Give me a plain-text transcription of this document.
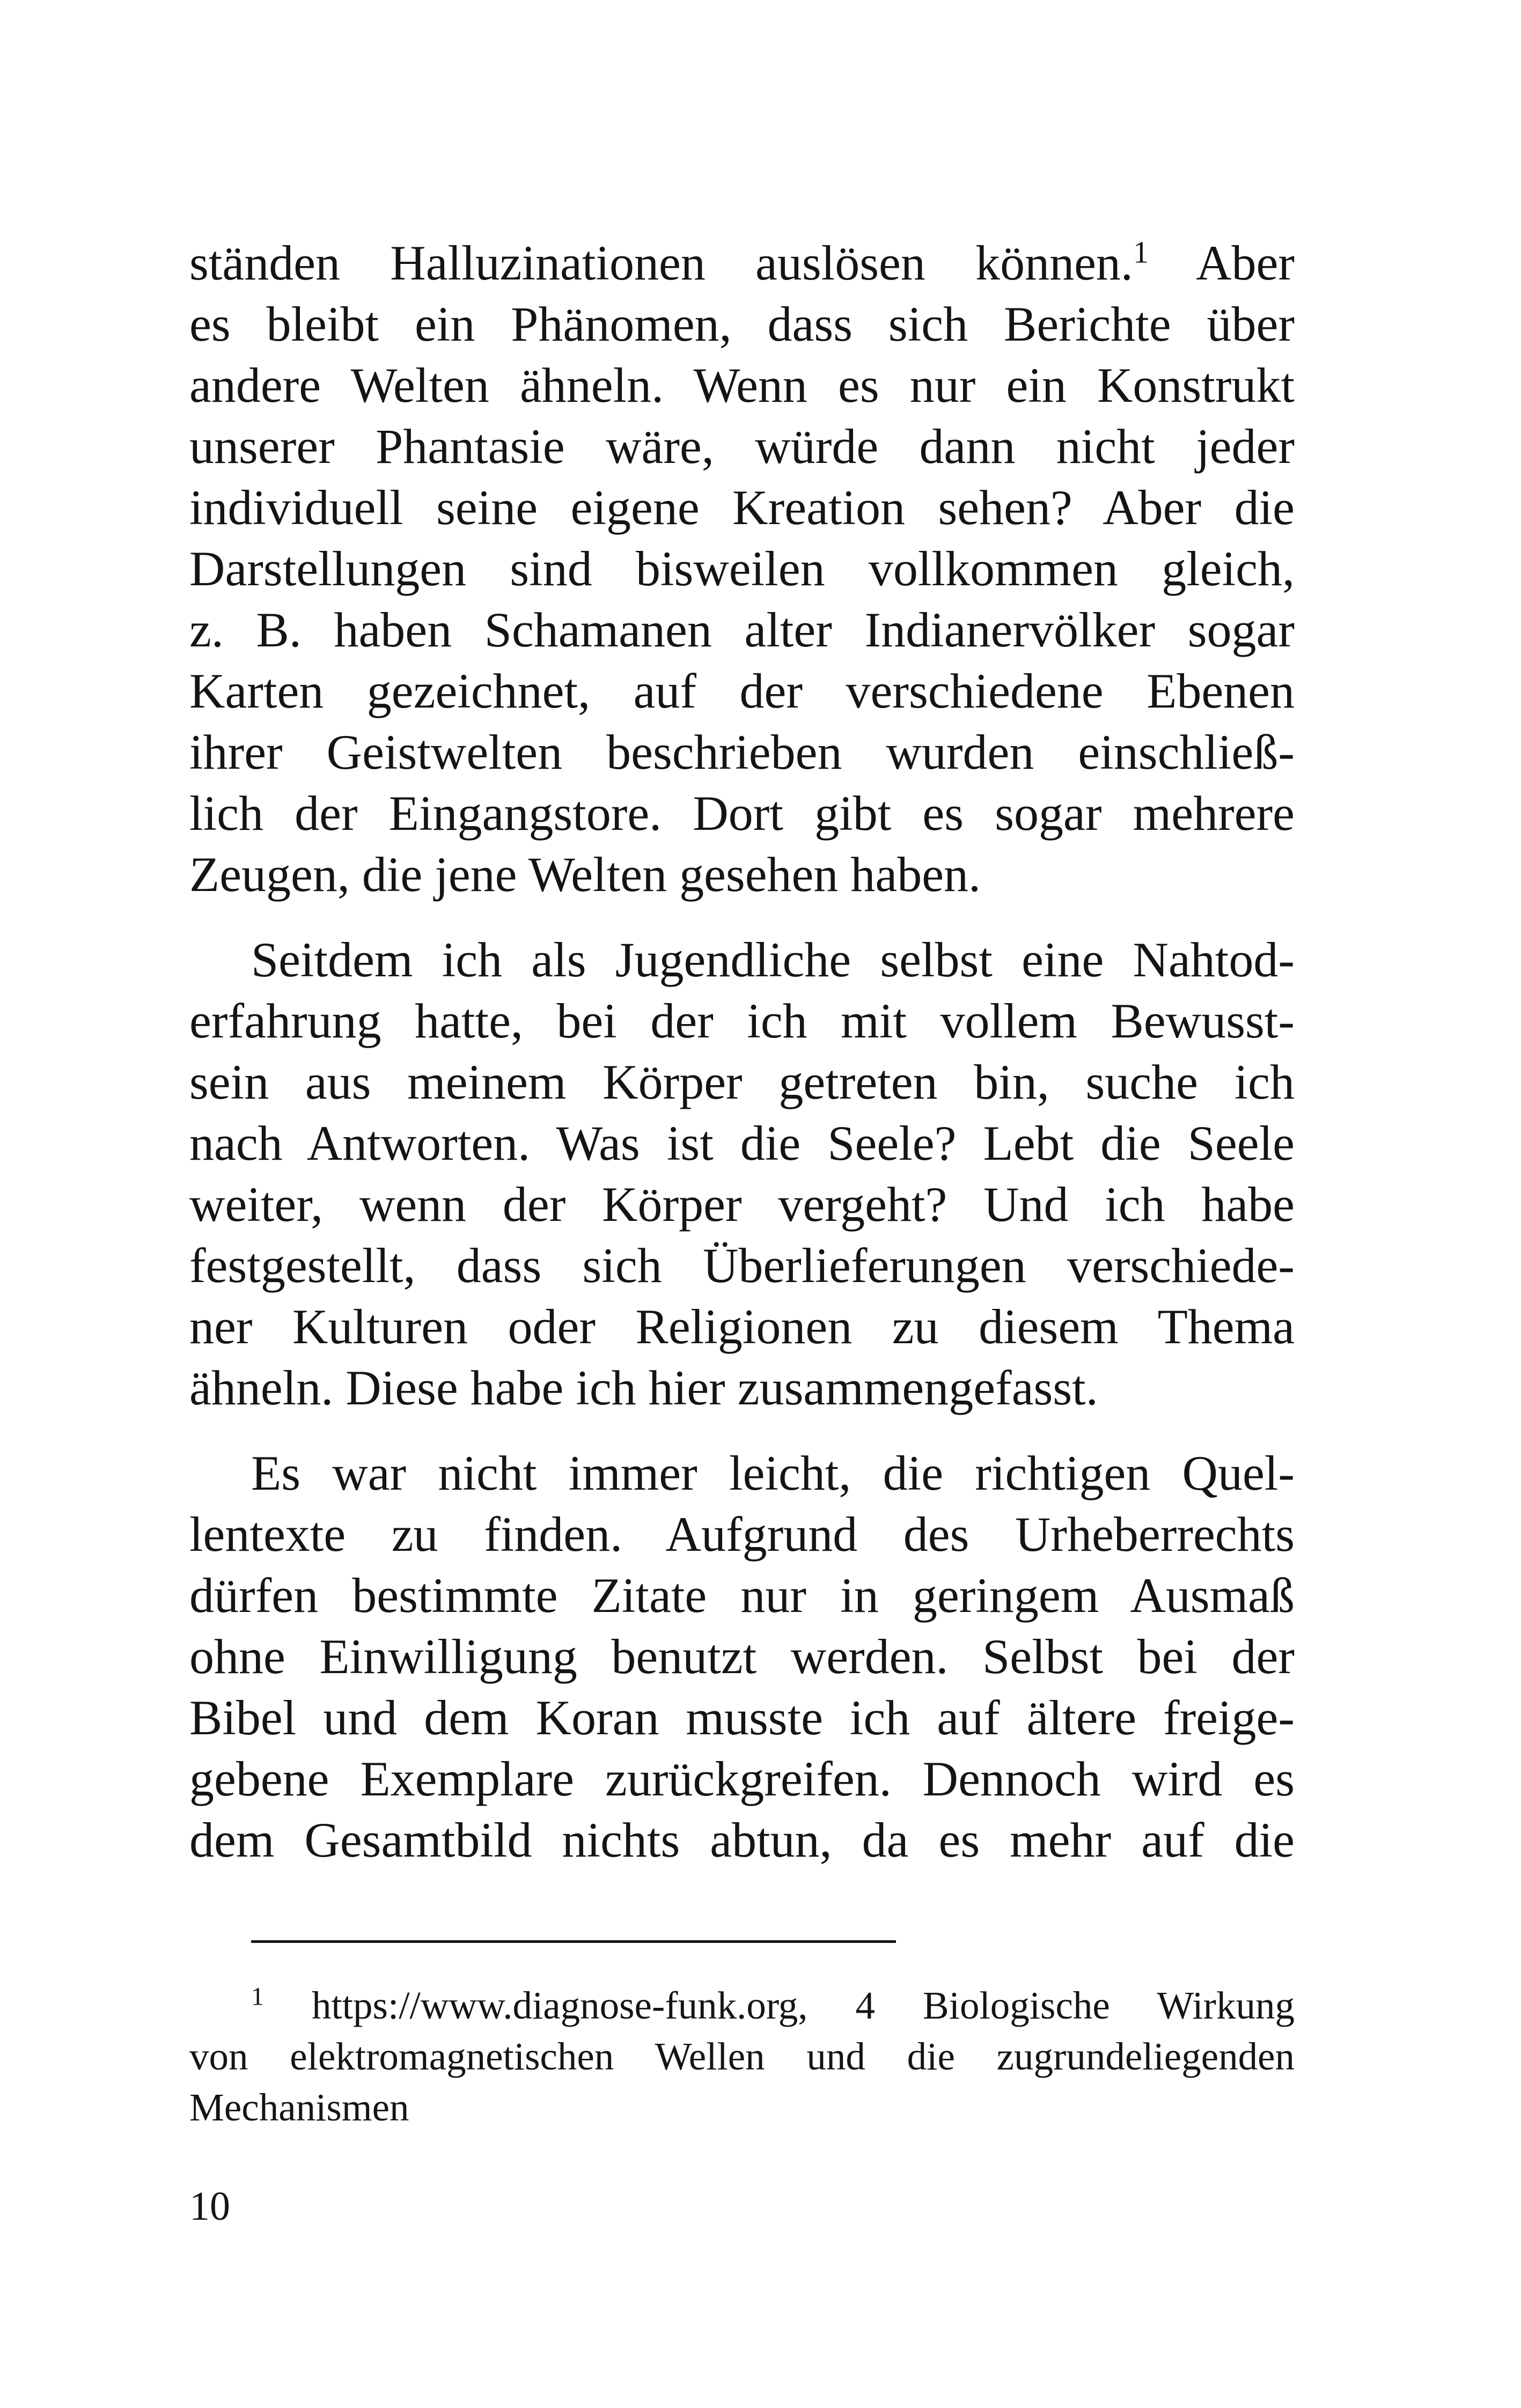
ständen Halluzinationen auslösen können.$^1$ Aber
es bleibt ein Phänomen, dass sich Berichte über
andere Welten ähneln. Wenn es nur ein Konstrukt
unserer Phantasie wäre, würde dann nicht jeder
individuell seine eigene Kreation sehen? Aber die
Darstellungen sind bisweilen vollkommen gleich,
z. B. haben Schamanen alter Indianervölker sogar
Karten gezeichnet, auf der verschiedene Ebenen
ihrer Geistwelten beschrieben wurden einschließ-
lich der Eingangstore. Dort gibt es sogar mehrere
Zeugen, die jene Welten gesehen haben.
Seitdem ich als Jugendliche selbst eine Nahtod-
erfahrung hatte, bei der ich mit vollem Bewusst-
sein aus meinem Körper getreten bin, suche ich
nach Antworten. Was ist die Seele? Lebt die Seele
weiter, wenn der Körper vergeht? Und ich habe
festgestellt, dass sich Überlieferungen verschiede-
ner Kulturen oder Religionen zu diesem Thema
ähneln. Diese habe ich hier zusammengefasst.
Es war nicht immer leicht, die richtigen Quel-
lentexte zu finden. Aufgrund des Urheberrechts
dürfen bestimmte Zitate nur in geringem Ausmaß
ohne Einwilligung benutzt werden. Selbst bei der
Bibel und dem Koran musste ich auf ältere freige-
gebene Exemplare zurückgreifen. Dennoch wird es
dem Gesamtbild nichts abtun, da es mehr auf die
$^1$ https://www.diagnose-funk.org, 4 Biologische Wirkung
von elektromagnetischen Wellen und die zugrundeliegenden
Mechanismen
10
